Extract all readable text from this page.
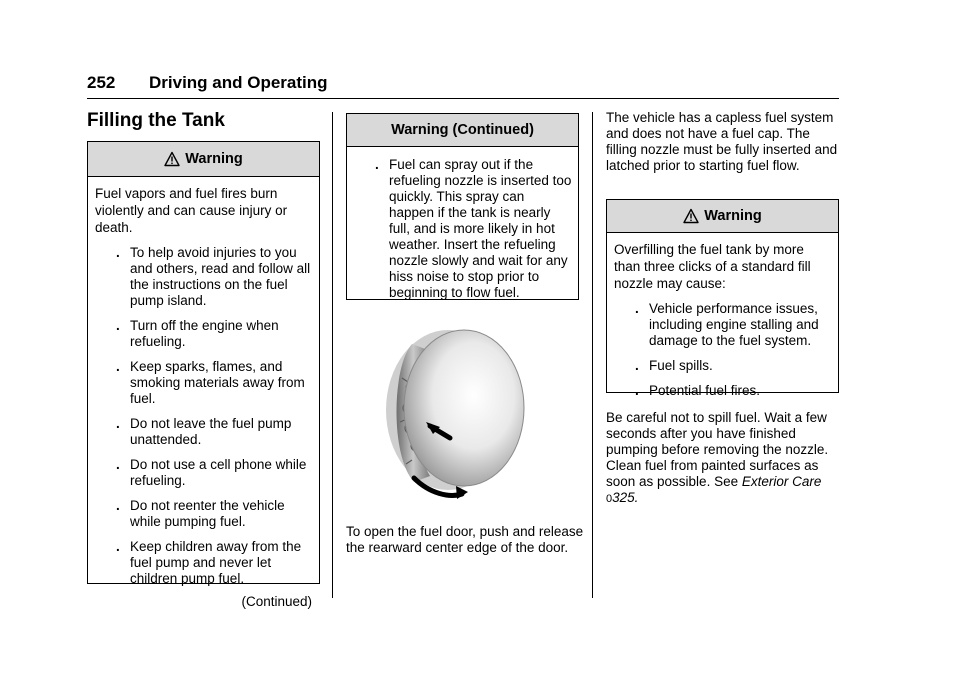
252 Driving and Operating
Filling the Tank
Warning
Fuel vapors and fuel fires burn violently and can cause injury or death.
. To help avoid injuries to you and others, read and follow all the instructions on the fuel pump island.
. Turn off the engine when refueling.
. Keep sparks, flames, and smoking materials away from fuel.
. Do not leave the fuel pump unattended.
. Do not use a cell phone while refueling.
. Do not reenter the vehicle while pumping fuel.
. Keep children away from the fuel pump and never let children pump fuel.
(Continued)
Warning (Continued)
. Fuel can spray out if the refueling nozzle is inserted too quickly. This spray can happen if the tank is nearly full, and is more likely in hot weather. Insert the refueling nozzle slowly and wait for any hiss noise to stop prior to beginning to flow fuel.
To open the fuel door, push and release the rearward center edge of the door.
The vehicle has a capless fuel system and does not have a fuel cap. The filling nozzle must be fully inserted and latched prior to starting fuel flow.
Warning
Overfilling the fuel tank by more than three clicks of a standard fill nozzle may cause:
. Vehicle performance issues, including engine stalling and damage to the fuel system.
. Fuel spills.
. Potential fuel fires.
Be careful not to spill fuel. Wait a few seconds after you have finished pumping before removing the nozzle. Clean fuel from painted surfaces as soon as possible. See Exterior Care 0325.
